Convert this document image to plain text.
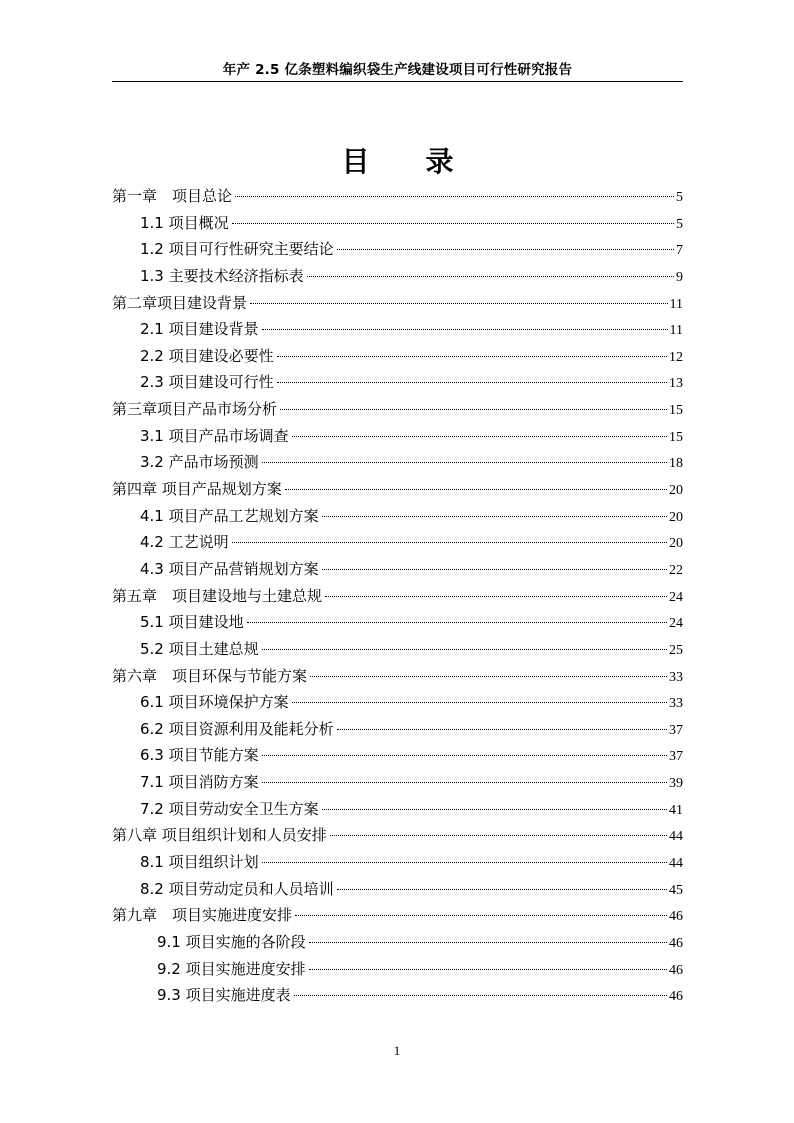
年产 2.5 亿条塑料编织袋生产线建设项目可行性研究报告
目录
第一章　项目总论	5
1.1 项目概况	5
1.2 项目可行性研究主要结论	7
1.3 主要技术经济指标表	9
第二章项目建设背景	11
2.1 项目建设背景	11
2.2 项目建设必要性	12
2.3 项目建设可行性	13
第三章项目产品市场分析	15
3.1 项目产品市场调查	15
3.2 产品市场预测	18
第四章 项目产品规划方案	20
4.1 项目产品工艺规划方案	20
4.2 工艺说明	20
4.3 项目产品营销规划方案	22
第五章　项目建设地与土建总规	24
5.1 项目建设地	24
5.2 项目土建总规	25
第六章　项目环保与节能方案	33
6.1 项目环境保护方案	33
6.2 项目资源利用及能耗分析	37
6.3 项目节能方案	37
7.1 项目消防方案	39
7.2 项目劳动安全卫生方案	41
第八章 项目组织计划和人员安排	44
8.1 项目组织计划	44
8.2 项目劳动定员和人员培训	45
第九章　项目实施进度安排	46
9.1 项目实施的各阶段	46
9.2 项目实施进度安排	46
9.3 项目实施进度表	46
1
